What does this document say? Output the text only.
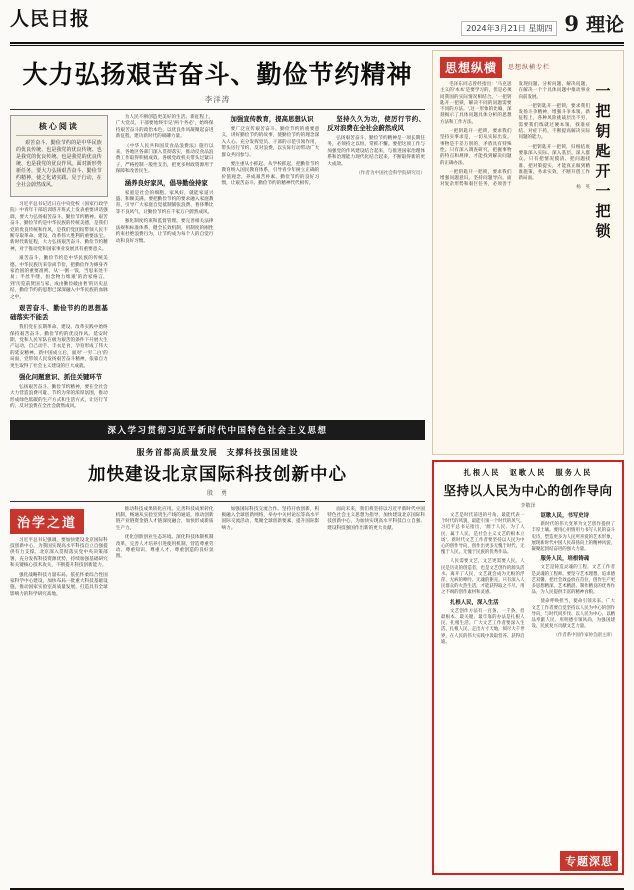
人民日报	2024年3月21日 星期四 9 理论
大力弘扬艰苦奋斗、勤俭节约精神
李洋涛
核心阅读

艰苦奋斗、勤俭节约的是中华民族的优良传统、也是我党的优良传统、也是我党的优良传统、也是我党的优良传统、也是我党的优良作风。面对新形势新任务，要大力弘扬艰苦奋斗、勤俭节约精神，使之化诸实践、见于行动，在全社会蔚然成风。

习近平总书记近日在中央党校（国家行政学院）中青年干部培训班开班式上发表重要讲话强调，要大力弘扬艰苦奋斗、勤俭节约精神。艰苦奋斗、勤俭节约是中华民族的传统美德，是我们党的优良传统和作风，是我们党团结带领人民不断夺取革命、建设、改革伟大胜利的重要法宝。新时代新征程，大力弘扬艰苦奋斗、勤俭节约精神，对于推动党和国家事业发展具有重要意义。

艰苦奋斗、勤俭节约是中华民族的传统美德。中华民族历来崇尚节俭，把勤俭作为修身齐家治国的重要准则。从'一粥一饭，当思来处不易；半丝半缕，恒念物力维艰'的治家格言，到'历览前贤国与家，成由勤俭破由奢'的历史总结，勤俭节约的思想已深深融入中华民族的血脉之中。

艰苦奋斗、勤俭节约的思想基础落实不能丢

我们党在长期革命、建设、改革实践中始终保持艰苦奋斗、勤俭节约的优良作风。延安时期，党和人民军队在极为艰苦的条件下开展大生产运动，自己动手、丰衣足食，孕育形成了伟大的延安精神。新中国成立后，面对'一穷二白'的局面，党带领人民发扬艰苦奋斗精神，依靠自力更生取得了社会主义建设的巨大成就。

强化问题意识、抓住关键环节

弘扬艰苦奋斗、勤俭节约精神，要在全社会大力营造浪费可耻、节约为荣的浓厚氛围，推动形成绿色低碳的生产方式和生活方式，让厉行节约、反对浪费在全社会蔚然成风。

为人民不断创造更美好的生活。新征程上，广大党员、干部要始终牢记'两个务必'，始终保持艰苦奋斗的政治本色，以优良作风凝聚起奋进新征程、建功新时代的磅礴力量。

《中华人民共和国反食品浪费法》施行以来，各地区各部门深入贯彻落实，推动反食品浪费工作取得积极成效。各级党政机关带头过紧日子，严格控制一般性支出，把更多财政资源用于保障和改善民生。

涵养良好家风，倡导勤俭持家

家庭是社会的细胞。家风好，就能家道兴盛、和顺美满。要把勤俭节约的要求融入家庭教育，引导广大家庭自觉抵制铺张浪费、奢侈攀比等不良风气，让勤俭节约在千家万户蔚然成风。

强化制度约束和监督管理。要完善相关法律法规和标准体系，健全长效机制，用制度的刚性约束杜绝浪费行为，让节约成为每个人的自觉行动和良好习惯。

加强宣传教育，提高思想认识

要广泛宣传艰苦奋斗、勤俭节约的重要意义，讲好勤俭节约的故事，使勤俭节约的理念深入人心。充分发挥党员、干部的示范引领作用，带头厉行节约、反对浪费，以实际行动带动广大群众共同参与。

要注重从小抓起、从学校抓起，把勤俭节约教育纳入国民教育体系，引导青少年树立正确的价值观念，养成艰苦朴素、勤俭节约的良好习惯，让艰苦奋斗、勤俭节约的精神代代相传。

坚持久久为功，使厉行节约、反对浪费在全社会蔚然成风

弘扬艰苦奋斗、勤俭节约精神是一项长期任务，必须持之以恒、常抓不懈。要把这项工作与加强党的作风建设结合起来，与推进国家治理体系和治理能力现代化结合起来，不断取得新的更大成效。

（作者为中国社会科学院研究员）

深入学习贯彻习近平新时代中国特色社会主义思想
服务首都高质量发展　支撑科技强国建设
加快建设北京国际科技创新中心
殷　勇
治学之道

习近平总书记强调，要加快建设北京国际科技创新中心，为我国实现高水平科技自立自强提供有力支撑。北京深入贯彻落实党中央决策部署，充分发挥科技资源优势，持续加强基础研究和关键核心技术攻关，不断提升科技创新能力。

强化战略科技力量布局。依托怀柔综合性国家科学中心建设，加快布局一批重大科技基础设施，推动国家实验室高质量发展，打造具有全球影响力的科学研究高地。

推动科技成果转化应用。完善科技成果转化机制，畅通从实验室到生产线的通道，推动创新链产业链资金链人才链深度融合，加快形成新质生产力。

优化创新创业生态环境。深化科技体制机制改革，完善人才培养引进使用机制，营造尊重劳动、尊重知识、尊重人才、尊重创造的良好氛围。

加强国际科技交流合作。坚持开放创新，积极融入全球创新网络，举办中关村论坛等高水平国际交流活动，集聚全球创新要素，提升国际影响力。

面向未来，我们将坚持以习近平新时代中国特色社会主义思想为指导，加快建设北京国际科技创新中心，为加快实现高水平科技自立自强、建设科技强国作出新的更大贡献。

思想纵横	思想纵横专栏
一把钥匙开一把锁

毛泽东同志曾经指出：'马克思主义的'本本'是要学习的，但是必须同我国的实际情况相结合。'一把钥匙开一把锁，解决不同的问题需要不同的方法。',这一形象的比喻，深刻揭示了具体问题具体分析的思想方法和工作方法。

一把钥匙开一把锁，要求我们坚持实事求是，一切从实际出发。事物是千差万别的，矛盾具有特殊性。只有深入调查研究，把握事物的特点和规律，才能找到解决问题的正确办法。

一把钥匙开一把锁，要求我们增强问题意识，坚持问题导向。面对复杂形势和艰巨任务，必须善于发现问题、分析问题、解决问题，在解决一个个具体问题中推动事业向前发展。

一把钥匙开一把锁，要求我们发扬斗争精神，增强斗争本领。新征程上，各种风险挑战层出不穷，需要我们练就过硬本领，找准症结、对症下药，不断提高解决实际问题的能力。

一把钥匙开一把锁，归根结底要靠深入实际、深入基层、深入群众。只有把情况摸清、把问题找准、把对策提实，才能真正做到精准施策、务求实效，不断开创工作新局面。

杨　英

扎根人民　讴歌人民　服务人民
坚持以人民为中心的创作导向
李敬泽

文艺是时代前进的号角，最能代表一个时代的风貌，最能引领一个时代的风气。习近平总书记指出，'源于人民、为了人民、属于人民，是社会主义文艺的根本立场'。新时代文艺工作者要坚持以人民为中心的创作导向，创作出更多无愧于时代、无愧于人民、无愧于民族的优秀作品。

人民需要文艺，文艺更需要人民。人民是历史的创造者，也是文艺创作的源头活水。离开了人民，文艺就会成为无根的浮萍、无病的呻吟、无魂的躯壳。只有深入人民群众的火热生活，才能获得取之不尽、用之不竭的创作素材和灵感。

扎根人民，深入生活

文艺创作方法有一百条、一千条，但最根本、最关键、最牢靠的办法是扎根人民、扎根生活。广大文艺工作者要深入生活、扎根人民，走出方寸天地，阅尽大千世界，在人民的伟大实践中汲取营养、获得启迪。

讴歌人民，书写史诗

新时代的伟大变革为文艺创作提供了丰厚土壤。要用心用情用力书写人民的奋斗史诗，塑造更多为人民所喜爱的艺术形象，展现新时代中国人民昂扬向上的精神风貌，凝聚起团结奋进的强大力量。

服务人民，培根铸魂

文艺是铸造灵魂的工程，文艺工作者是灵魂的工程师。要坚守艺术理想，追求德艺双馨，把社会效益放在首位，创作生产更多思想精深、艺术精湛、制作精良的优秀作品，为人民提供丰富的精神食粮。

使命呼唤担当，使命引领未来。广大文艺工作者要自觉坚持以人民为中心的创作导向，与时代同步伐、以人民为中心、以精品奉献人民、用明德引领风尚，为强国建设、民族复兴贡献文艺力量。

（作者系中国作家协会副主席）

专题深思
